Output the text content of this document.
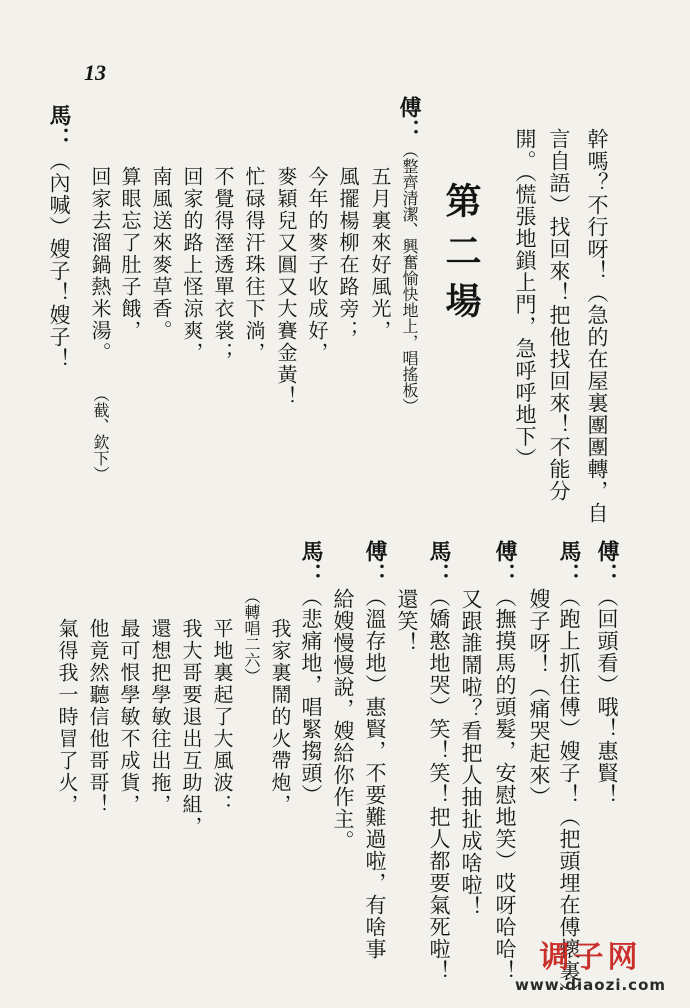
13
幹嗎？不行呀！（急的在屋裏團團轉，自
言自語）找回來！把他找回來！不能分
開。（慌張地鎖上門，急呼呼地下）
第二場
傅：（整齊清潔、興奮愉快地上，唱搖板）
五月裏來好風光，
風擺楊柳在路旁；
今年的麥子收成好，
麥穎兒又圓又大賽金黃！
忙碌得汗珠往下淌，
不覺得溼透單衣裳；
回家的路上怪涼爽，
南風送來麥草香。
算眼忘了肚子餓，
回家去溜鍋熱米湯。（截、欽下）
馬：（內喊）嫂子！嫂子！
傅：（回頭看）哦！惠賢！
馬：（跑上抓住傅）嫂子！（把頭埋在傅懷裏）
嫂子呀！（痛哭起來）
傅：（撫摸馬的頭髮，安慰地笑）哎呀哈哈！
又跟誰鬧啦？看把人抽扯成啥啦！
馬：（嬌憨地哭）笑！笑！把人都要氣死啦！
還笑！
傅：（溫存地）惠賢，不要難過啦，有啥事
給嫂慢慢說，嫂給你作主。
馬：（悲痛地，唱緊搊頭）
我家裏鬧的火帶炮，
（轉唱二六）
平地裏起了大風波：
我大哥要退出互助組，
還想把學敏往出拖，
最可恨學敏不成貨，
他竟然聽信他哥哥！
氣得我一時冒了火，
调子网
www.diaozi.com
